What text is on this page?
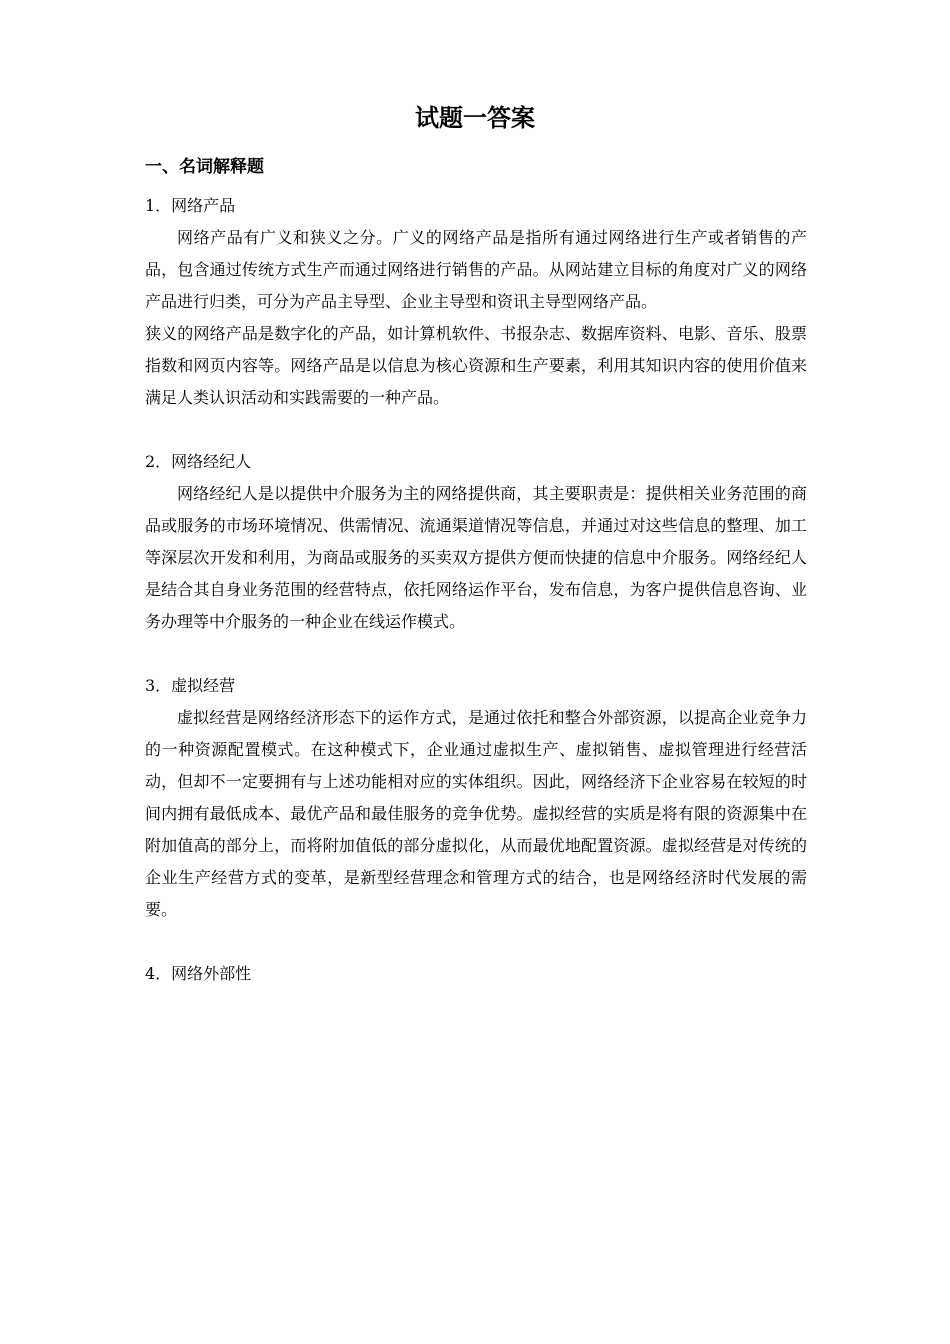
试题一答案
一、名词解释题

1．网络产品

网络产品有广义和狭义之分。广义的网络产品是指所有通过网络进行生产或者销售的产品，包含通过传统方式生产而通过网络进行销售的产品。从网站建立目标的角度对广义的网络产品进行归类，可分为产品主导型、企业主导型和资讯主导型网络产品。

狭义的网络产品是数字化的产品，如计算机软件、书报杂志、数据库资料、电影、音乐、股票指数和网页内容等。网络产品是以信息为核心资源和生产要素，利用其知识内容的使用价值来满足人类认识活动和实践需要的一种产品。

2．网络经纪人

网络经纪人是以提供中介服务为主的网络提供商，其主要职责是：提供相关业务范围的商品或服务的市场环境情况、供需情况、流通渠道情况等信息，并通过对这些信息的整理、加工等深层次开发和利用，为商品或服务的买卖双方提供方便而快捷的信息中介服务。网络经纪人是结合其自身业务范围的经营特点，依托网络运作平台，发布信息，为客户提供信息咨询、业务办理等中介服务的一种企业在线运作模式。

3．虚拟经营

虚拟经营是网络经济形态下的运作方式，是通过依托和整合外部资源，以提高企业竞争力的一种资源配置模式。在这种模式下，企业通过虚拟生产、虚拟销售、虚拟管理进行经营活动，但却不一定要拥有与上述功能相对应的实体组织。因此，网络经济下企业容易在较短的时间内拥有最低成本、最优产品和最佳服务的竞争优势。虚拟经营的实质是将有限的资源集中在附加值高的部分上，而将附加值低的部分虚拟化，从而最优地配置资源。虚拟经营是对传统的企业生产经营方式的变革，是新型经营理念和管理方式的结合，也是网络经济时代发展的需要。

4．网络外部性
